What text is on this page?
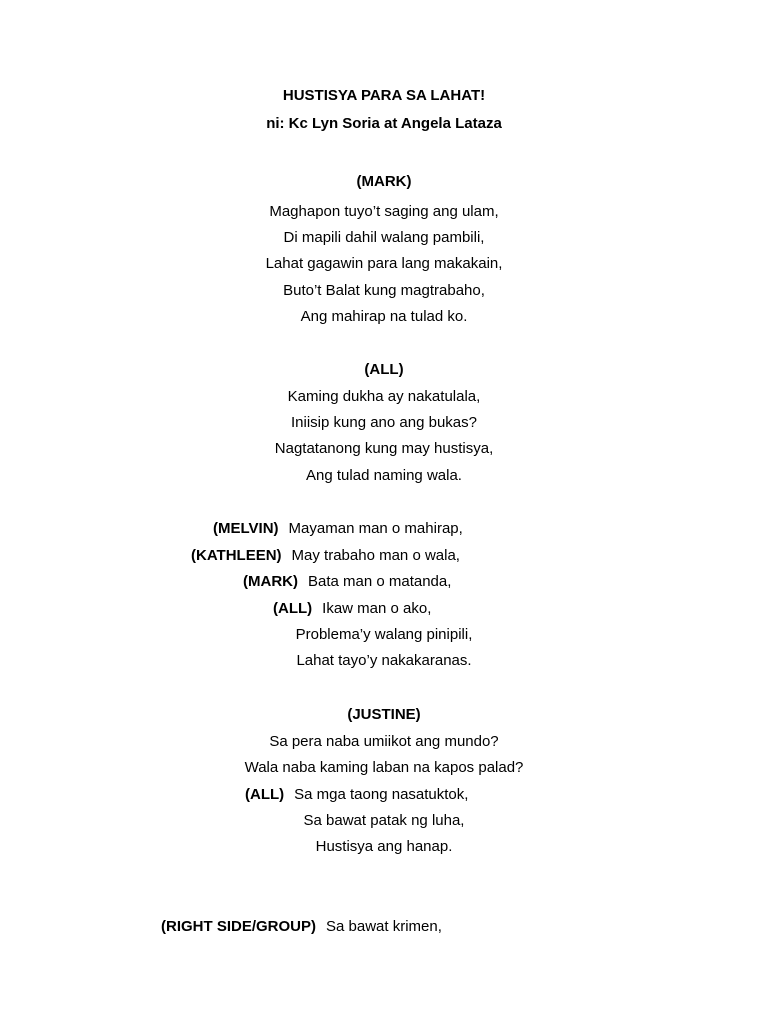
HUSTISYA PARA SA LAHAT!
ni: Kc Lyn Soria at Angela Lataza
(MARK)
Maghapon tuyo’t saging ang ulam,
Di mapili dahil walang pambili,
Lahat gagawin para lang makakain,
Buto’t Balat kung magtrabaho,
Ang mahirap na tulad ko.
(ALL)
Kaming dukha ay nakatulala,
Iniisip kung ano ang bukas?
Nagtatanong kung may hustisya,
Ang tulad naming wala.
(MELVIN) Mayaman man o mahirap,
(KATHLEEN) May trabaho man o wala,
(MARK) Bata man o matanda,
(ALL) Ikaw man o ako,
Problema’y walang pinipili,
Lahat tayo’y nakakaranas.
(JUSTINE)
Sa pera naba umiikot ang mundo?
Wala naba kaming laban na kapos palad?
(ALL) Sa mga taong nasatuktok,
Sa bawat patak ng luha,
Hustisya ang hanap.
(RIGHT SIDE/GROUP) Sa bawat krimen,
